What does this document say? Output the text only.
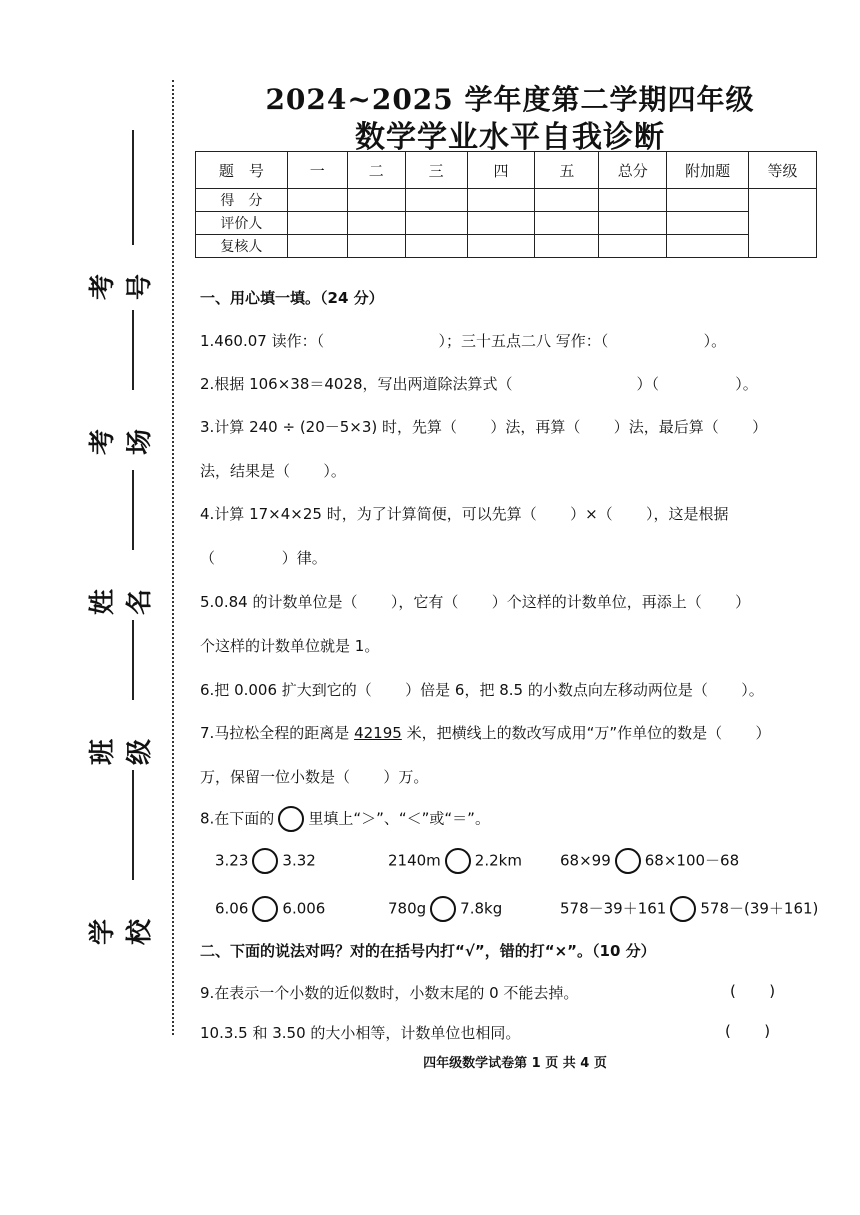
考号
考场
姓名
班级
学校
2024~2025 学年度第二学期四年级
数学学业水平自我诊断
题　号	一	二	三	四	五	总分	附加题	等级
得　分								
评价人								
复核人								
一、用心填一填。（24 分）
1.460.07 读作：（                        ）；三十五点二八 写作：（                    ）。
2.根据 106×38＝4028，写出两道除法算式（                          ）（                ）。
3.计算 240 ÷ (20－5×3) 时，先算（       ）法，再算（       ）法，最后算（       ）
法，结果是（       ）。
4.计算 17×4×25 时，为了计算简便，可以先算（       ）×（       ），这是根据
（              ）律。
5.0.84 的计数单位是（       ），它有（       ）个这样的计数单位，再添上（       ）
个这样的计数单位就是 1。
6.把 0.006 扩大到它的（       ）倍是 6，把 8.5 的小数点向左移动两位是（       ）。
7.马拉松全程的距离是 42195 米，把横线上的数改写成用“万”作单位的数是（       ）
万，保留一位小数是（       ）万。
8.在下面的 里填上“＞”、“＜”或“＝”。
3.23 3.32	2140m 2.2km	68×99 68×100－68
6.06 6.006	780g 7.8kg	578－39＋161 578－(39＋161)
二、下面的说法对吗？对的在括号内打“√”，错的打“×”。（10 分）
9.在表示一个小数的近似数时，小数末尾的 0 不能去掉。	(       )
10.3.5 和 3.50 的大小相等，计数单位也相同。	(       )
四年级数学试卷第 1 页 共 4 页
